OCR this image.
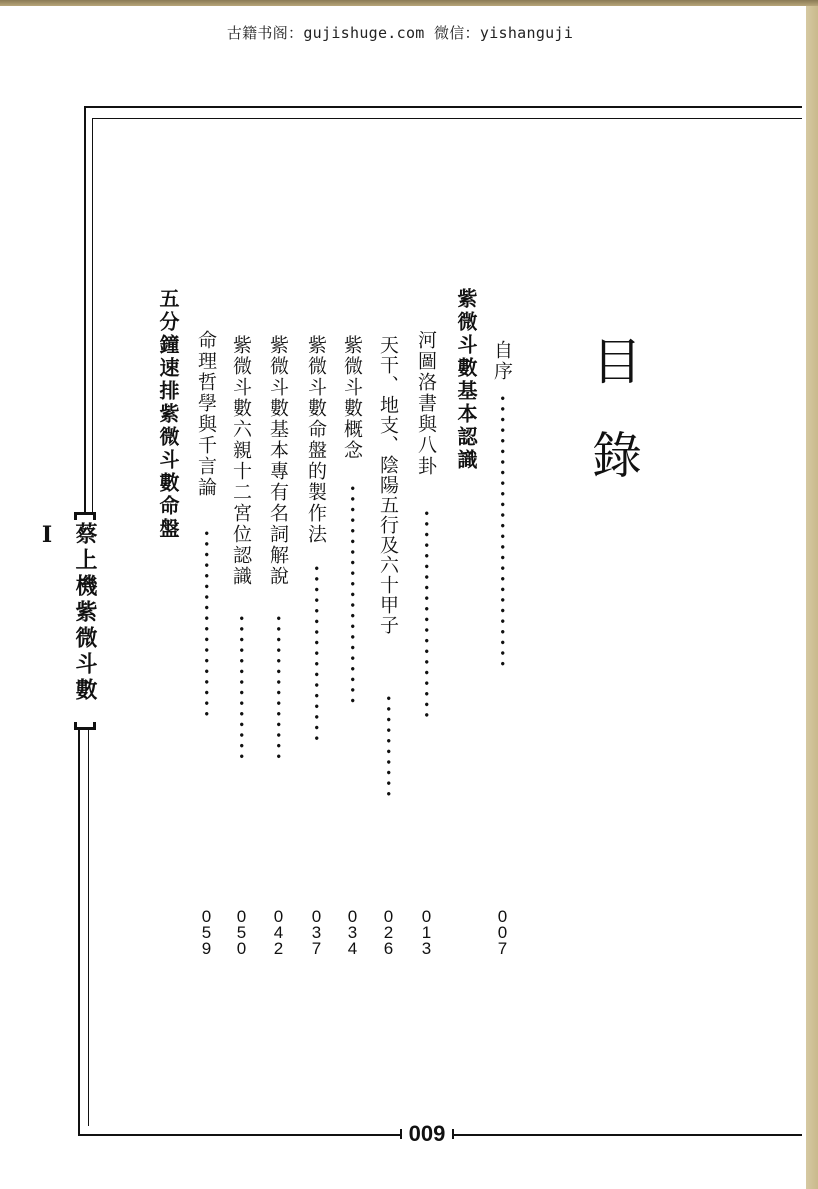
古籍书阁：gujishuge.com 微信：yishanguji
009
蔡上機紫微斗數Ⅰ
目錄
紫微斗數基本認識 自序
··························
007
河圖洛書與八卦
····················
013
天干、地支、陰陽五行及六十甲子
··········
026
紫微斗數概念
·····················
034
紫微斗數命盤的製作法
·················
037
紫微斗數基本專有名詞解說
··············
042
紫微斗數六親十二宮位認識
··············
050
命理哲學與千言論
··················
059
五分鐘速排紫微斗數命盤
